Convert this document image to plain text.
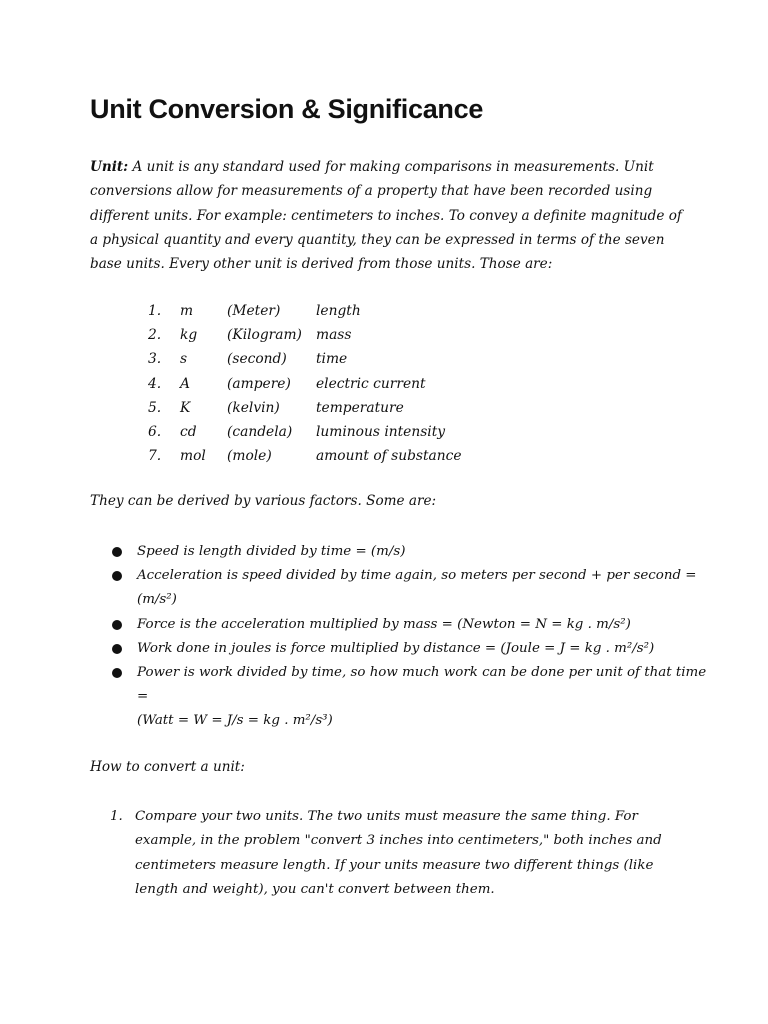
Unit Conversion & Significance

Unit: A unit is any standard used for making comparisons in measurements. Unit conversions allow for measurements of a property that have been recorded using different units. For example: centimeters to inches. To convey a definite magnitude of a physical quantity and every quantity, they can be expressed in terms of the seven base units. Every other unit is derived from those units. Those are:

1.	m	(Meter)	length
2.	kg	(Kilogram)	mass
3.	s	(second)	time
4.	A	(ampere)	electric current
5.	K	(kelvin)	temperature
6.	cd	(candela)	luminous intensity
7.	mol	(mole)	amount of substance

They can be derived by various factors. Some are:

Speed is length divided by time = (m/s)
Acceleration is speed divided by time again, so meters per second + per second = (m/s²)
Force is the acceleration multiplied by mass = (Newton = N = kg . m/s²)
Work done in joules is force multiplied by distance = (Joule = J = kg . m²/s²)
Power is work divided by time, so how much work can be done per unit of that time =
(Watt = W = J/s = kg . m²/s³)

How to convert a unit:

1. Compare your two units. The two units must measure the same thing. For example, in the problem "convert 3 inches into centimeters," both inches and centimeters measure length. If your units measure two different things (like length and weight), you can't convert between them.
